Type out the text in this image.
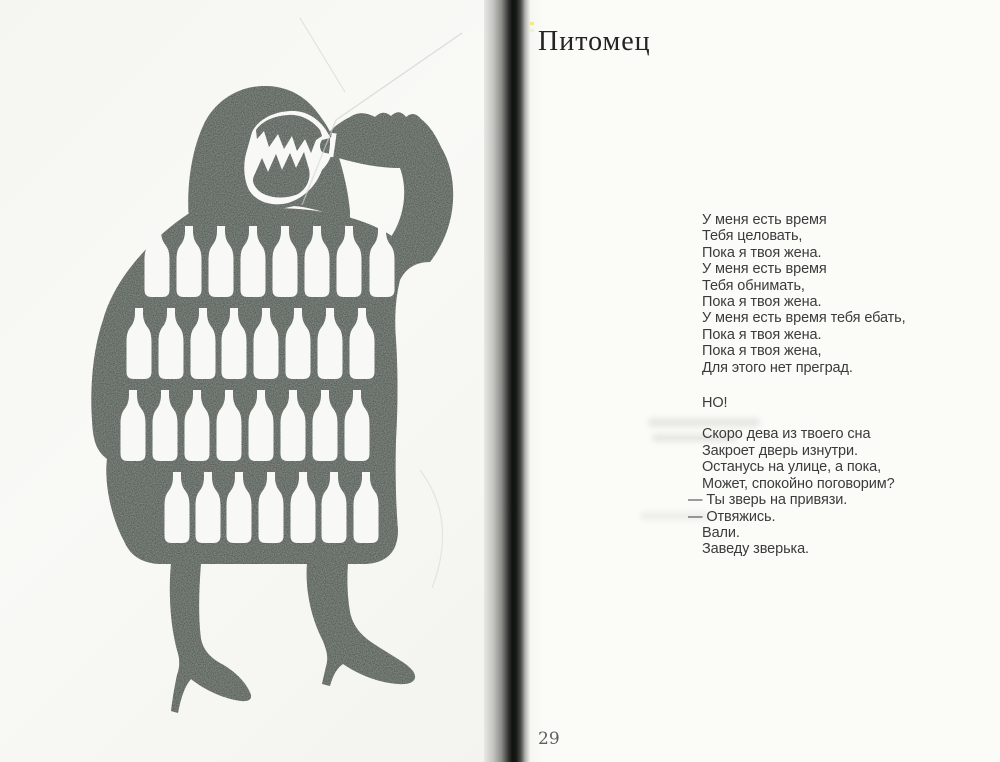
Питомец
У меня есть время
Тебя целовать,
Пока я твоя жена.
У меня есть время
Тебя обнимать,
Пока я твоя жена.
У меня есть время тебя ебать,
Пока я твоя жена.
Пока я твоя жена,
Для этого нет преград.
НО!
Скоро дева из твоего сна
Закроет дверь изнутри.
Останусь на улице, а пока,
Может, спокойно поговорим?
— Ты зверь на привязи.
— Отвяжись.
Вали.
Заведу зверька.
29
